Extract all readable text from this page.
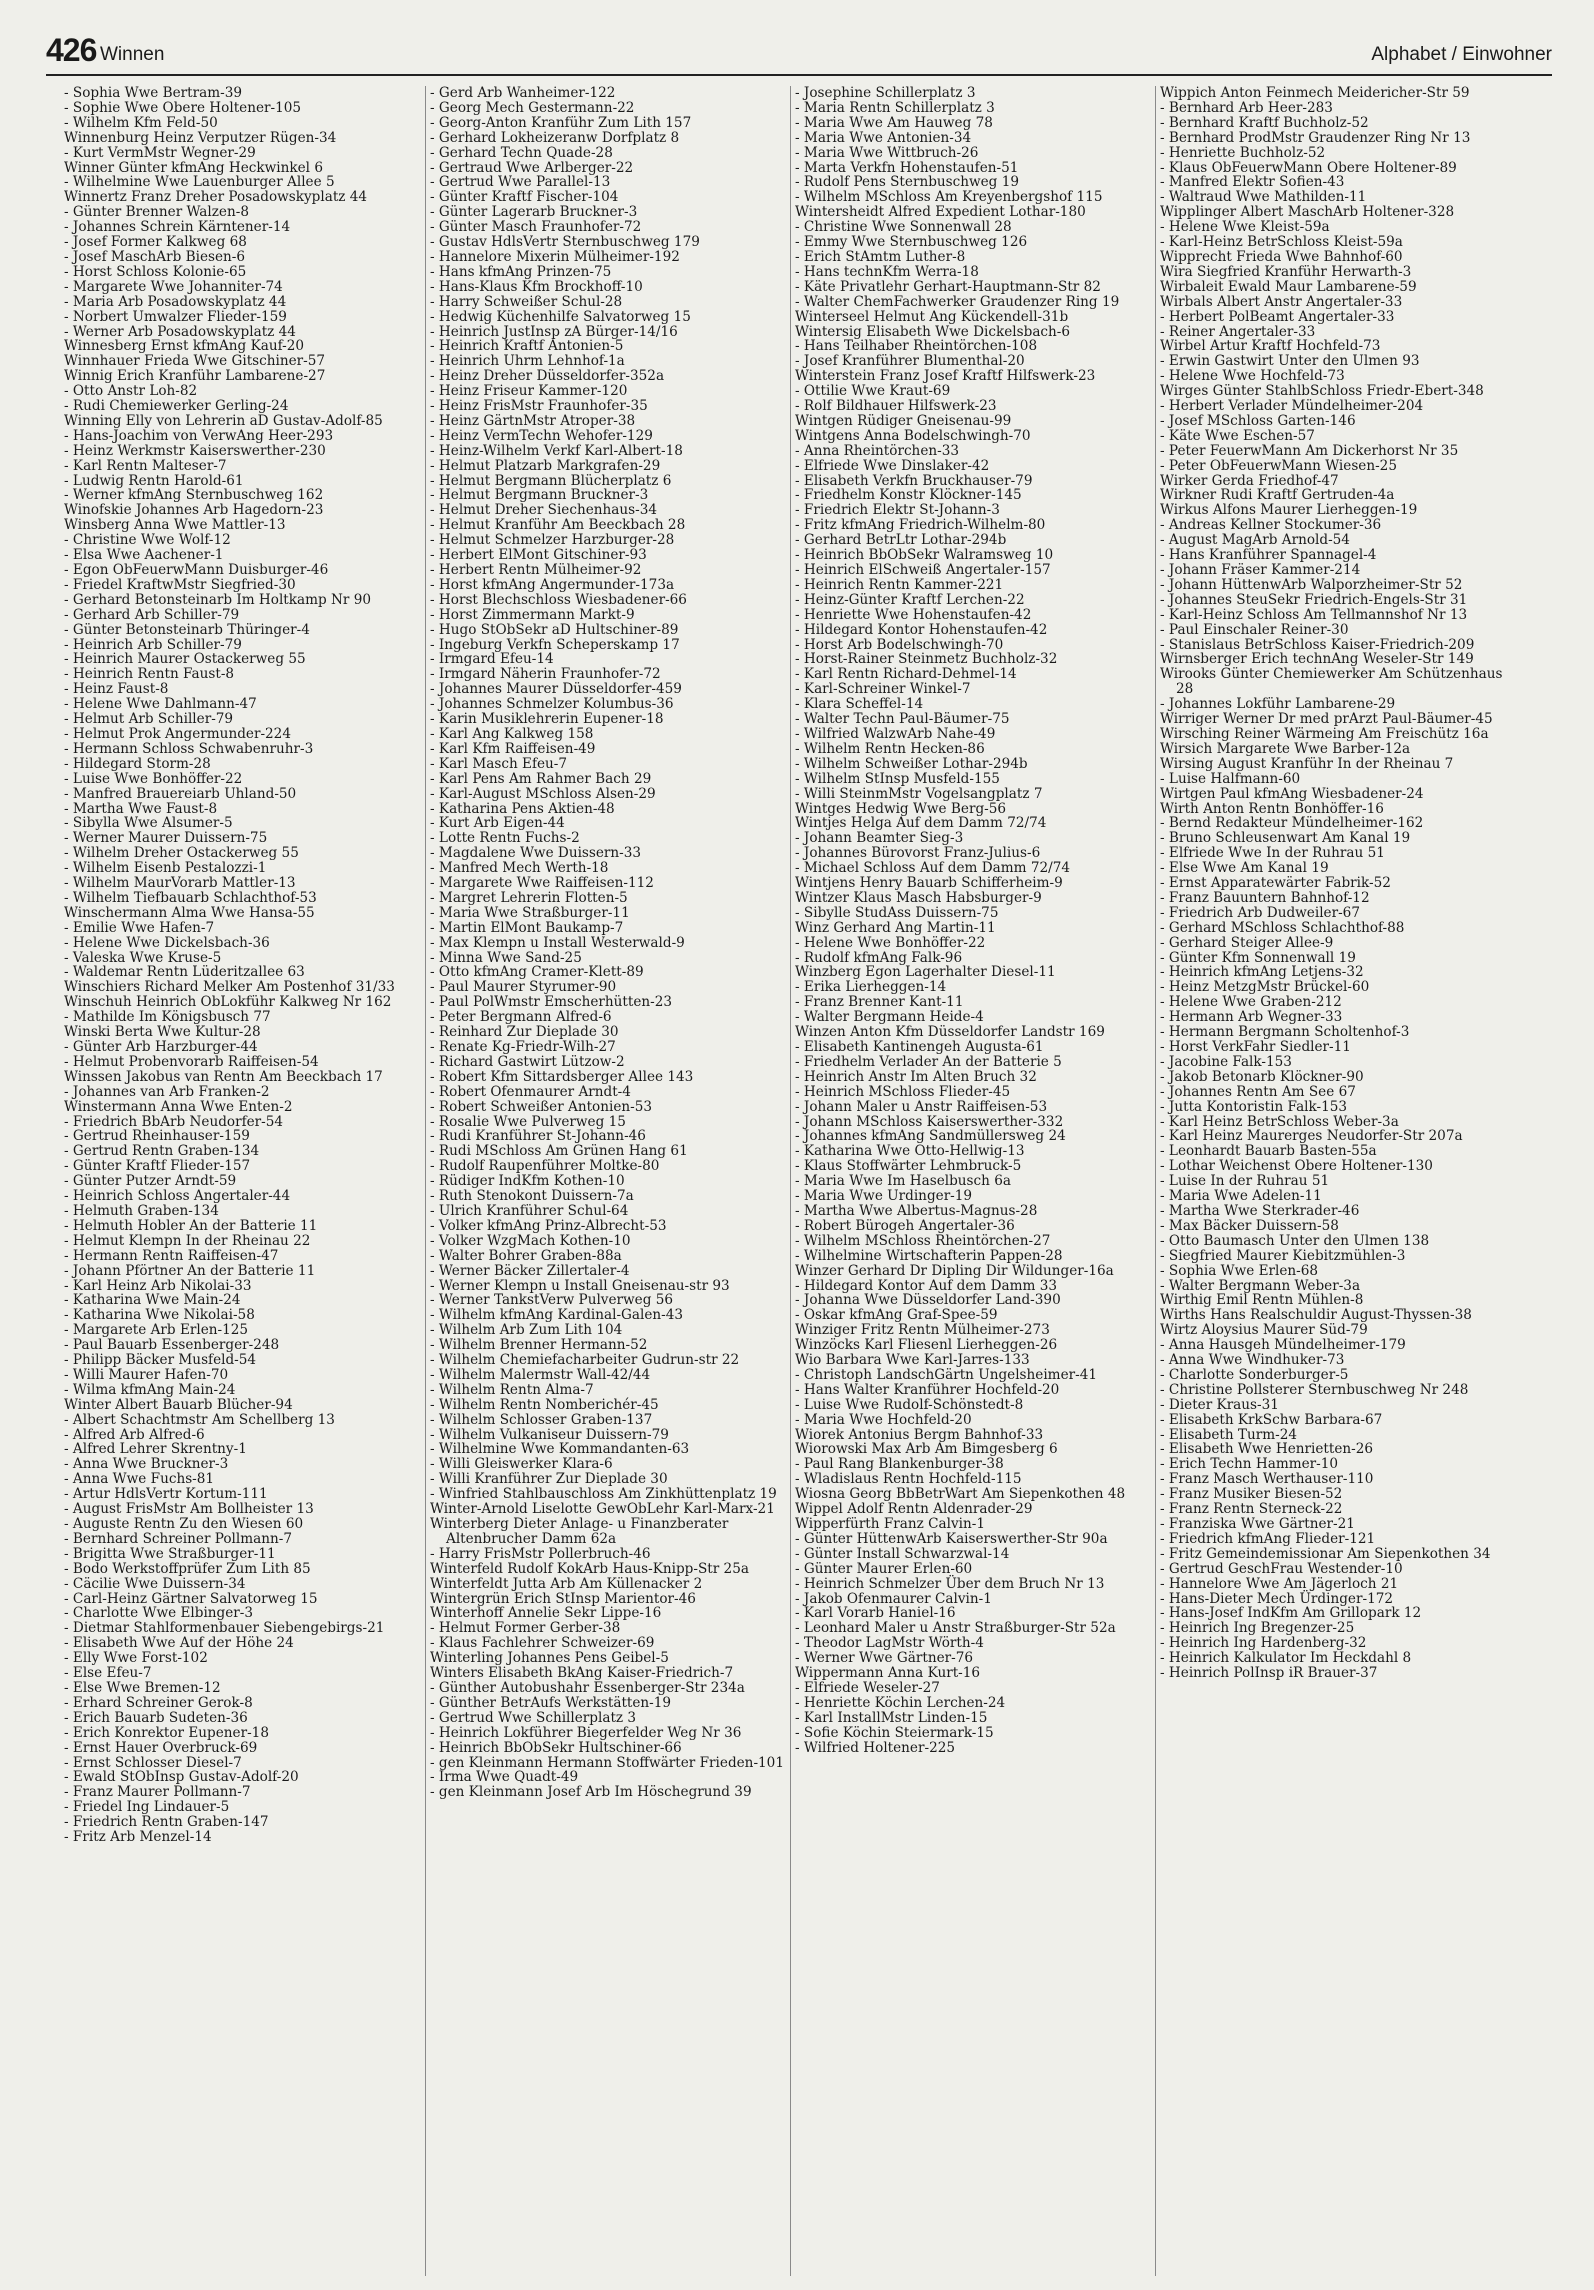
426 Winnen	Alphabet / Einwohner
- Sophia Wwe Bertram-39
- Sophie Wwe Obere Holtener-105
- Wilhelm Kfm Feld-50
Winnenburg Heinz Verputzer Rügen-34
- Kurt VermMstr Wegner-29
Winner Günter kfmAng Heckwinkel 6
- Wilhelmine Wwe Lauenburger Allee 5
Winnertz Franz Dreher Posadowskyplatz 44
- Günter Brenner Walzen-8
- Johannes Schrein Kärntener-14
- Josef Former Kalkweg 68
- Josef MaschArb Biesen-6
- Horst Schloss Kolonie-65
- Margarete Wwe Johanniter-74
- Maria Arb Posadowskyplatz 44
- Norbert Umwalzer Flieder-159
- Werner Arb Posadowskyplatz 44
Winnesberg Ernst kfmAng Kauf-20
Winnhauer Frieda Wwe Gitschiner-57
Winnig Erich Kranführ Lambarene-27
- Otto Anstr Loh-82
- Rudi Chemiewerker Gerling-24
Winning Elly von Lehrerin aD Gustav-Adolf-85
- Hans-Joachim von VerwAng Heer-293
- Heinz Werkmstr Kaiserswerther-230
- Karl Rentn Malteser-7
- Ludwig Rentn Harold-61
- Werner kfmAng Sternbuschweg 162
Winofskie Johannes Arb Hagedorn-23
Winsberg Anna Wwe Mattler-13
- Christine Wwe Wolf-12
- Elsa Wwe Aachener-1
- Egon ObFeuerwMann Duisburger-46
- Friedel KraftwMstr Siegfried-30
- Gerhard Betonsteinarb Im Holtkamp Nr 90
- Gerhard Arb Schiller-79
- Günter Betonsteinarb Thüringer-4
- Heinrich Arb Schiller-79
- Heinrich Maurer Ostackerweg 55
- Heinrich Rentn Faust-8
- Heinz Faust-8
- Helene Wwe Dahlmann-47
- Helmut Arb Schiller-79
- Helmut Prok Angermunder-224
- Hermann Schloss Schwabenruhr-3
- Hildegard Storm-28
- Luise Wwe Bonhöffer-22
- Manfred Brauereiarb Uhland-50
- Martha Wwe Faust-8
- Sibylla Wwe Alsumer-5
- Werner Maurer Duissern-75
- Wilhelm Dreher Ostackerweg 55
- Wilhelm Eisenb Pestalozzi-1
- Wilhelm MaurVorarb Mattler-13
- Wilhelm Tiefbauarb Schlachthof-53
Winschermann Alma Wwe Hansa-55
- Emilie Wwe Hafen-7
- Helene Wwe Dickelsbach-36
- Valeska Wwe Kruse-5
- Waldemar Rentn Lüderitzallee 63
Winschiers Richard Melker Am Postenhof 31/33
Winschuh Heinrich ObLokführ Kalkweg Nr 162
- Mathilde Im Königsbusch 77
Winski Berta Wwe Kultur-28
- Günter Arb Harzburger-44
- Helmut Probenvorarb Raiffeisen-54
Winssen Jakobus van Rentn Am Beeckbach 17
- Johannes van Arb Franken-2
Winstermann Anna Wwe Enten-2
- Friedrich BbArb Neudorfer-54
- Gertrud Rheinhauser-159
- Gertrud Rentn Graben-134
- Günter Kraftf Flieder-157
- Günter Putzer Arndt-59
- Heinrich Schloss Angertaler-44
- Helmuth Graben-134
- Helmuth Hobler An der Batterie 11
- Helmut Klempn In der Rheinau 22
- Hermann Rentn Raiffeisen-47
- Johann Pförtner An der Batterie 11
- Karl Heinz Arb Nikolai-33
- Katharina Wwe Main-24
- Katharina Wwe Nikolai-58
- Margarete Arb Erlen-125
- Paul Bauarb Essenberger-248
- Philipp Bäcker Musfeld-54
- Willi Maurer Hafen-70
- Wilma kfmAng Main-24
Winter Albert Bauarb Blücher-94
- Albert Schachtmstr Am Schellberg 13
- Alfred Arb Alfred-6
- Alfred Lehrer Skrentny-1
- Anna Wwe Bruckner-3
- Anna Wwe Fuchs-81
- Artur HdlsVertr Kortum-111
- August FrisMstr Am Bollheister 13
- Auguste Rentn Zu den Wiesen 60
- Bernhard Schreiner Pollmann-7
- Brigitta Wwe Straßburger-11
- Bodo Werkstoffprüfer Zum Lith 85
- Cäcilie Wwe Duissern-34
- Carl-Heinz Gärtner Salvatorweg 15
- Charlotte Wwe Elbinger-3
- Dietmar Stahlformenbauer Siebengebirgs-21
- Elisabeth Wwe Auf der Höhe 24
- Elly Wwe Forst-102
- Else Efeu-7
- Else Wwe Bremen-12
- Erhard Schreiner Gerok-8
- Erich Bauarb Sudeten-36
- Erich Konrektor Eupener-18
- Ernst Hauer Overbruck-69
- Ernst Schlosser Diesel-7
- Ewald StObInsp Gustav-Adolf-20
- Franz Maurer Pollmann-7
- Friedel Ing Lindauer-5
- Friedrich Rentn Graben-147
- Fritz Arb Menzel-14
- Gerd Arb Wanheimer-122
- Georg Mech Gestermann-22
- Georg-Anton Kranführ Zum Lith 157
- Gerhard Lokheizeranw Dorfplatz 8
- Gerhard Techn Quade-28
- Gertraud Wwe Arlberger-22
- Gertrud Wwe Parallel-13
- Günter Kraftf Fischer-104
- Günter Lagerarb Bruckner-3
- Günter Masch Fraunhofer-72
- Gustav HdlsVertr Sternbuschweg 179
- Hannelore Mixerin Mülheimer-192
- Hans kfmAng Prinzen-75
- Hans-Klaus Kfm Brockhoff-10
- Harry Schweißer Schul-28
- Hedwig Küchenhilfe Salvatorweg 15
- Heinrich JustInsp zA Bürger-14/16
- Heinrich Kraftf Antonien-5
- Heinrich Uhrm Lehnhof-1a
- Heinz Dreher Düsseldorfer-352a
- Heinz Friseur Kammer-120
- Heinz FrisMstr Fraunhofer-35
- Heinz GärtnMstr Atroper-38
- Heinz VermTechn Wehofer-129
- Heinz-Wilhelm Verkf Karl-Albert-18
- Helmut Platzarb Markgrafen-29
- Helmut Bergmann Blücherplatz 6
- Helmut Bergmann Bruckner-3
- Helmut Dreher Siechenhaus-34
- Helmut Kranführ Am Beeckbach 28
- Helmut Schmelzer Harzburger-28
- Herbert ElMont Gitschiner-93
- Herbert Rentn Mülheimer-92
- Horst kfmAng Angermunder-173a
- Horst Blechschloss Wiesbadener-66
- Horst Zimmermann Markt-9
- Hugo StObSekr aD Hultschiner-89
- Ingeburg Verkfn Scheperskamp 17
- Irmgard Efeu-14
- Irmgard Näherin Fraunhofer-72
- Johannes Maurer Düsseldorfer-459
- Johannes Schmelzer Kolumbus-36
- Karin Musiklehrerin Eupener-18
- Karl Ang Kalkweg 158
- Karl Kfm Raiffeisen-49
- Karl Masch Efeu-7
- Karl Pens Am Rahmer Bach 29
- Karl-August MSchloss Alsen-29
- Katharina Pens Aktien-48
- Kurt Arb Eigen-44
- Lotte Rentn Fuchs-2
- Magdalene Wwe Duissern-33
- Manfred Mech Werth-18
- Margarete Wwe Raiffeisen-112
- Margret Lehrerin Flotten-5
- Maria Wwe Straßburger-11
- Martin ElMont Baukamp-7
- Max Klempn u Install Westerwald-9
- Minna Wwe Sand-25
- Otto kfmAng Cramer-Klett-89
- Paul Maurer Styrumer-90
- Paul PolWmstr Emscherhütten-23
- Peter Bergmann Alfred-6
- Reinhard Zur Dieplade 30
- Renate Kg-Friedr-Wilh-27
- Richard Gastwirt Lützow-2
- Robert Kfm Sittardsberger Allee 143
- Robert Ofenmaurer Arndt-4
- Robert Schweißer Antonien-53
- Rosalie Wwe Pulverweg 15
- Rudi Kranführer St-Johann-46
- Rudi MSchloss Am Grünen Hang 61
- Rudolf Raupenführer Moltke-80
- Rüdiger IndKfm Kothen-10
- Ruth Stenokont Duissern-7a
- Ulrich Kranführer Schul-64
- Volker kfmAng Prinz-Albrecht-53
- Volker WzgMach Kothen-10
- Walter Bohrer Graben-88a
- Werner Bäcker Zillertaler-4
- Werner Klempn u Install Gneisenau-str 93
- Werner TankstVerw Pulverweg 56
- Wilhelm kfmAng Kardinal-Galen-43
- Wilhelm Arb Zum Lith 104
- Wilhelm Brenner Hermann-52
- Wilhelm Chemiefacharbeiter Gudrun-str 22
- Wilhelm Malermstr Wall-42/44
- Wilhelm Rentn Alma-7
- Wilhelm Rentn Nomberichér-45
- Wilhelm Schlosser Graben-137
- Wilhelm Vulkaniseur Duissern-79
- Wilhelmine Wwe Kommandanten-63
- Willi Gleiswerker Klara-6
- Willi Kranführer Zur Dieplade 30
- Winfried Stahlbauschloss Am Zinkhüttenplatz 19
Winter-Arnold Liselotte GewObLehr Karl-Marx-21
Winterberg Dieter Anlage- u Finanzberater Altenbrucher Damm 62a
- Harry FrisMstr Pollerbruch-46
Winterfeld Rudolf KokArb Haus-Knipp-Str 25a
Winterfeldt Jutta Arb Am Küllenacker 2
Wintergrün Erich StInsp Marientor-46
Winterhoff Annelie Sekr Lippe-16
- Helmut Former Gerber-38
- Klaus Fachlehrer Schweizer-69
Winterling Johannes Pens Geibel-5
Winters Elisabeth BkAng Kaiser-Friedrich-7
- Günther Autobushahr Essenberger-Str 234a
- Günther BetrAufs Werkstätten-19
- Gertrud Wwe Schillerplatz 3
- Heinrich Lokführer Biegerfelder Weg Nr 36
- Heinrich BbObSekr Hultschiner-66
- gen Kleinmann Hermann Stoffwärter Frieden-101
- Irma Wwe Quadt-49
- gen Kleinmann Josef Arb Im Höschegrund 39
- Josephine Schillerplatz 3
- Maria Rentn Schillerplatz 3
- Maria Wwe Am Hauweg 78
- Maria Wwe Antonien-34
- Maria Wwe Wittbruch-26
- Marta Verkfn Hohenstaufen-51
- Rudolf Pens Sternbuschweg 19
- Wilhelm MSchloss Am Kreyenbergshof 115
Wintersheidt Alfred Expedient Lothar-180
- Christine Wwe Sonnenwall 28
- Emmy Wwe Sternbuschweg 126
- Erich StAmtm Luther-8
- Hans technKfm Werra-18
- Käte Privatlehr Gerhart-Hauptmann-Str 82
- Walter ChemFachwerker Graudenzer Ring 19
Winterseel Helmut Ang Kückendell-31b
Wintersig Elisabeth Wwe Dickelsbach-6
- Hans Teilhaber Rheintörchen-108
- Josef Kranführer Blumenthal-20
Winterstein Franz Josef Kraftf Hilfswerk-23
- Ottilie Wwe Kraut-69
- Rolf Bildhauer Hilfswerk-23
Wintgen Rüdiger Gneisenau-99
Wintgens Anna Bodelschwingh-70
- Anna Rheintörchen-33
- Elfriede Wwe Dinslaker-42
- Elisabeth Verkfn Bruckhauser-79
- Friedhelm Konstr Klöckner-145
- Friedrich Elektr St-Johann-3
- Fritz kfmAng Friedrich-Wilhelm-80
- Gerhard BetrLtr Lothar-294b
- Heinrich BbObSekr Walramsweg 10
- Heinrich ElSchweiß Angertaler-157
- Heinrich Rentn Kammer-221
- Heinz-Günter Kraftf Lerchen-22
- Henriette Wwe Hohenstaufen-42
- Hildegard Kontor Hohenstaufen-42
- Horst Arb Bodelschwingh-70
- Horst-Rainer Steinmetz Buchholz-32
- Karl Rentn Richard-Dehmel-14
- Karl-Schreiner Winkel-7
- Klara Scheffel-14
- Walter Techn Paul-Bäumer-75
- Wilfried WalzwArb Nahe-49
- Wilhelm Rentn Hecken-86
- Wilhelm Schweißer Lothar-294b
- Wilhelm StInsp Musfeld-155
- Willi SteinmMstr Vogelsangplatz 7
Wintges Hedwig Wwe Berg-56
Wintjes Helga Auf dem Damm 72/74
- Johann Beamter Sieg-3
- Johannes Bürovorst Franz-Julius-6
- Michael Schloss Auf dem Damm 72/74
Wintjens Henry Bauarb Schifferheim-9
Wintzer Klaus Masch Habsburger-9
- Sibylle StudAss Duissern-75
Winz Gerhard Ang Martin-11
- Helene Wwe Bonhöffer-22
- Rudolf kfmAng Falk-96
Winzberg Egon Lagerhalter Diesel-11
- Erika Lierheggen-14
- Franz Brenner Kant-11
- Walter Bergmann Heide-4
Winzen Anton Kfm Düsseldorfer Landstr 169
- Elisabeth Kantinengeh Augusta-61
- Friedhelm Verlader An der Batterie 5
- Heinrich Anstr Im Alten Bruch 32
- Heinrich MSchloss Flieder-45
- Johann Maler u Anstr Raiffeisen-53
- Johann MSchloss Kaiserswerther-332
- Johannes kfmAng Sandmüllersweg 24
- Katharina Wwe Otto-Hellwig-13
- Klaus Stoffwärter Lehmbruck-5
- Maria Wwe Im Haselbusch 6a
- Maria Wwe Urdinger-19
- Martha Wwe Albertus-Magnus-28
- Robert Bürogeh Angertaler-36
- Wilhelm MSchloss Rheintörchen-27
- Wilhelmine Wirtschafterin Pappen-28
Winzer Gerhard Dr Dipling Dir Wildunger-16a
- Hildegard Kontor Auf dem Damm 33
- Johanna Wwe Düsseldorfer Land-390
- Oskar kfmAng Graf-Spee-59
Winziger Fritz Rentn Mülheimer-273
Winzöcks Karl Fliesenl Lierheggen-26
Wio Barbara Wwe Karl-Jarres-133
- Christoph LandschGärtn Ungelsheimer-41
- Hans Walter Kranführer Hochfeld-20
- Luise Wwe Rudolf-Schönstedt-8
- Maria Wwe Hochfeld-20
Wiorek Antonius Bergm Bahnhof-33
Wiorowski Max Arb Am Bimgesberg 6
- Paul Rang Blankenburger-38
- Wladislaus Rentn Hochfeld-115
Wiosna Georg BbBetrWart Am Siepenkothen 48
Wippel Adolf Rentn Aldenrader-29
Wipperfürth Franz Calvin-1
- Günter HüttenwArb Kaiserswerther-Str 90a
- Günter Install Schwarzwal-14
- Günter Maurer Erlen-60
- Heinrich Schmelzer Über dem Bruch Nr 13
- Jakob Ofenmaurer Calvin-1
- Karl Vorarb Haniel-16
- Leonhard Maler u Anstr Straßburger-Str 52a
- Theodor LagMstr Wörth-4
- Werner Wwe Gärtner-76
Wippermann Anna Kurt-16
- Elfriede Weseler-27
- Henriette Köchin Lerchen-24
- Karl InstallMstr Linden-15
- Sofie Köchin Steiermark-15
- Wilfried Holtener-225
Wippich Anton Feinmech Meidericher-Str 59
- Bernhard Arb Heer-283
- Bernhard Kraftf Buchholz-52
- Bernhard ProdMstr Graudenzer Ring Nr 13
- Henriette Buchholz-52
- Klaus ObFeuerwMann Obere Holtener-89
- Manfred Elektr Sofien-43
- Waltraud Wwe Mathilden-11
Wipplinger Albert MaschArb Holtener-328
- Helene Wwe Kleist-59a
- Karl-Heinz BetrSchloss Kleist-59a
Wipprecht Frieda Wwe Bahnhof-60
Wira Siegfried Kranführ Herwarth-3
Wirbaleit Ewald Maur Lambarene-59
Wirbals Albert Anstr Angertaler-33
- Herbert PolBeamt Angertaler-33
- Reiner Angertaler-33
Wirbel Artur Kraftf Hochfeld-73
- Erwin Gastwirt Unter den Ulmen 93
- Helene Wwe Hochfeld-73
Wirges Günter StahlbSchloss Friedr-Ebert-348
- Herbert Verlader Mündelheimer-204
- Josef MSchloss Garten-146
- Käte Wwe Eschen-57
- Peter FeuerwMann Am Dickerhorst Nr 35
- Peter ObFeuerwMann Wiesen-25
Wirker Gerda Friedhof-47
Wirkner Rudi Kraftf Gertruden-4a
Wirkus Alfons Maurer Lierheggen-19
- Andreas Kellner Stockumer-36
- August MagArb Arnold-54
- Hans Kranführer Spannagel-4
- Johann Fräser Kammer-214
- Johann HüttenwArb Walporzheimer-Str 52
- Johannes SteuSekr Friedrich-Engels-Str 31
- Karl-Heinz Schloss Am Tellmannshof Nr 13
- Paul Einschaler Reiner-30
- Stanislaus BetrSchloss Kaiser-Friedrich-209
Wirnsberger Erich technAng Weseler-Str 149
Wirooks Günter Chemiewerker Am Schützenhaus 28
- Johannes Lokführ Lambarene-29
Wirriger Werner Dr med prArzt Paul-Bäumer-45
Wirsching Reiner Wärmeing Am Freischütz 16a
Wirsich Margarete Wwe Barber-12a
Wirsing August Kranführ In der Rheinau 7
- Luise Halfmann-60
Wirtgen Paul kfmAng Wiesbadener-24
Wirth Anton Rentn Bonhöffer-16
- Bernd Redakteur Mündelheimer-162
- Bruno Schleusenwart Am Kanal 19
- Elfriede Wwe In der Ruhrau 51
- Else Wwe Am Kanal 19
- Ernst Apparatewärter Fabrik-52
- Franz Bauuntern Bahnhof-12
- Friedrich Arb Dudweiler-67
- Gerhard MSchloss Schlachthof-88
- Gerhard Steiger Allee-9
- Günter Kfm Sonnenwall 19
- Heinrich kfmAng Letjens-32
- Heinz MetzgMstr Brückel-60
- Helene Wwe Graben-212
- Hermann Arb Wegner-33
- Hermann Bergmann Scholtenhof-3
- Horst VerkFahr Siedler-11
- Jacobine Falk-153
- Jakob Betonarb Klöckner-90
- Johannes Rentn Am See 67
- Jutta Kontoristin Falk-153
- Karl Heinz BetrSchloss Weber-3a
- Karl Heinz Maurerges Neudorfer-Str 207a
- Leonhardt Bauarb Basten-55a
- Lothar Weichenst Obere Holtener-130
- Luise In der Ruhrau 51
- Maria Wwe Adelen-11
- Martha Wwe Sterkrader-46
- Max Bäcker Duissern-58
- Otto Baumasch Unter den Ulmen 138
- Siegfried Maurer Kiebitzmühlen-3
- Sophia Wwe Erlen-68
- Walter Bergmann Weber-3a
Wirthig Emil Rentn Mühlen-8
Wirths Hans Realschuldir August-Thyssen-38
Wirtz Aloysius Maurer Süd-79
- Anna Hausgeh Mündelheimer-179
- Anna Wwe Windhuker-73
- Charlotte Sonderburger-5
- Christine Pollsterer Sternbuschweg Nr 248
- Dieter Kraus-31
- Elisabeth KrkSchw Barbara-67
- Elisabeth Turm-24
- Elisabeth Wwe Henrietten-26
- Erich Techn Hammer-10
- Franz Masch Werthauser-110
- Franz Musiker Biesen-52
- Franz Rentn Sterneck-22
- Franziska Wwe Gärtner-21
- Friedrich kfmAng Flieder-121
- Fritz Gemeindemissionar Am Siepenkothen 34
- Gertrud GeschFrau Westender-10
- Hannelore Wwe Am Jägerloch 21
- Hans-Dieter Mech Ürdinger-172
- Hans-Josef IndKfm Am Grillopark 12
- Heinrich Ing Bregenzer-25
- Heinrich Ing Hardenberg-32
- Heinrich Kalkulator Im Heckdahl 8
- Heinrich PolInsp iR Brauer-37
